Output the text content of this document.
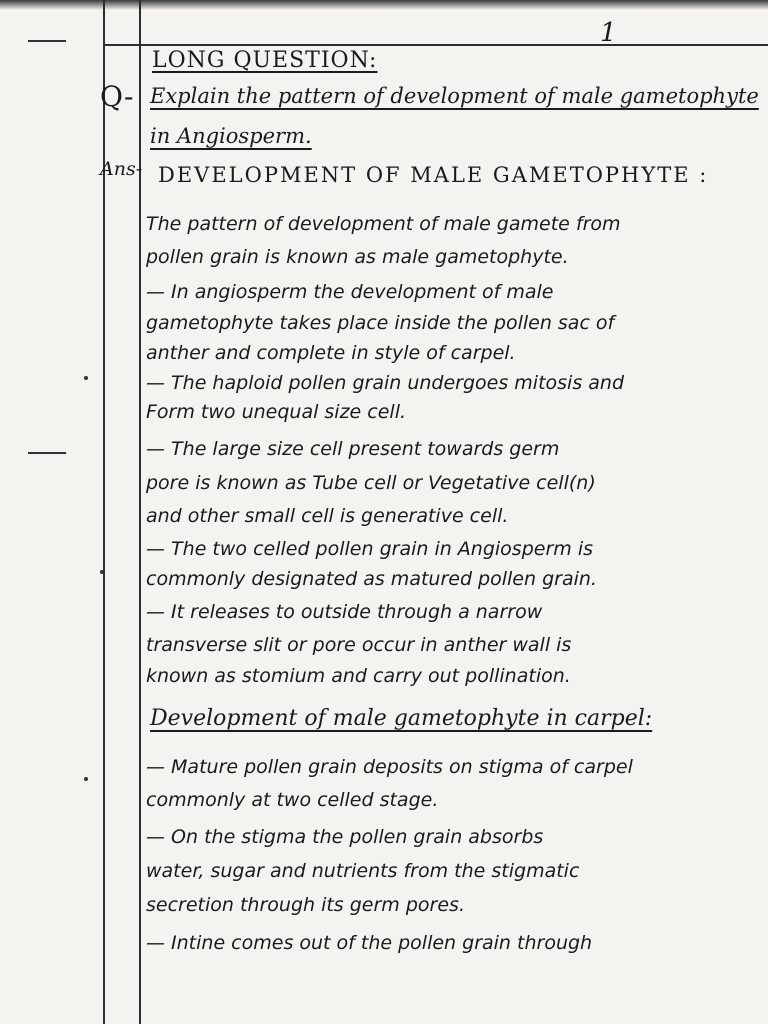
1
LONG QUESTION:
Q- Explain the pattern of development of male gametophyte
in Angiosperm.
Ans- DEVELOPMENT OF MALE GAMETOPHYTE :
The pattern of development of male gamete from
pollen grain is known as male gametophyte.
— In angiosperm the development of male
gametophyte takes place inside the pollen sac of
anther and complete in style of carpel.
— The haploid pollen grain undergoes mitosis and
Form two unequal size cell.
— The large size cell present towards germ
pore is known as Tube cell or Vegetative cell(n)
and other small cell is generative cell.
— The two celled pollen grain in Angiosperm is
commonly designated as matured pollen grain.
— It releases to outside through a narrow
transverse slit or pore occur in anther wall is
known as stomium and carry out pollination.
Development of male gametophyte in carpel:
— Mature pollen grain deposits on stigma of carpel
commonly at two celled stage.
— On the stigma the pollen grain absorbs
water, sugar and nutrients from the stigmatic
secretion through its germ pores.
— Intine comes out of the pollen grain through
